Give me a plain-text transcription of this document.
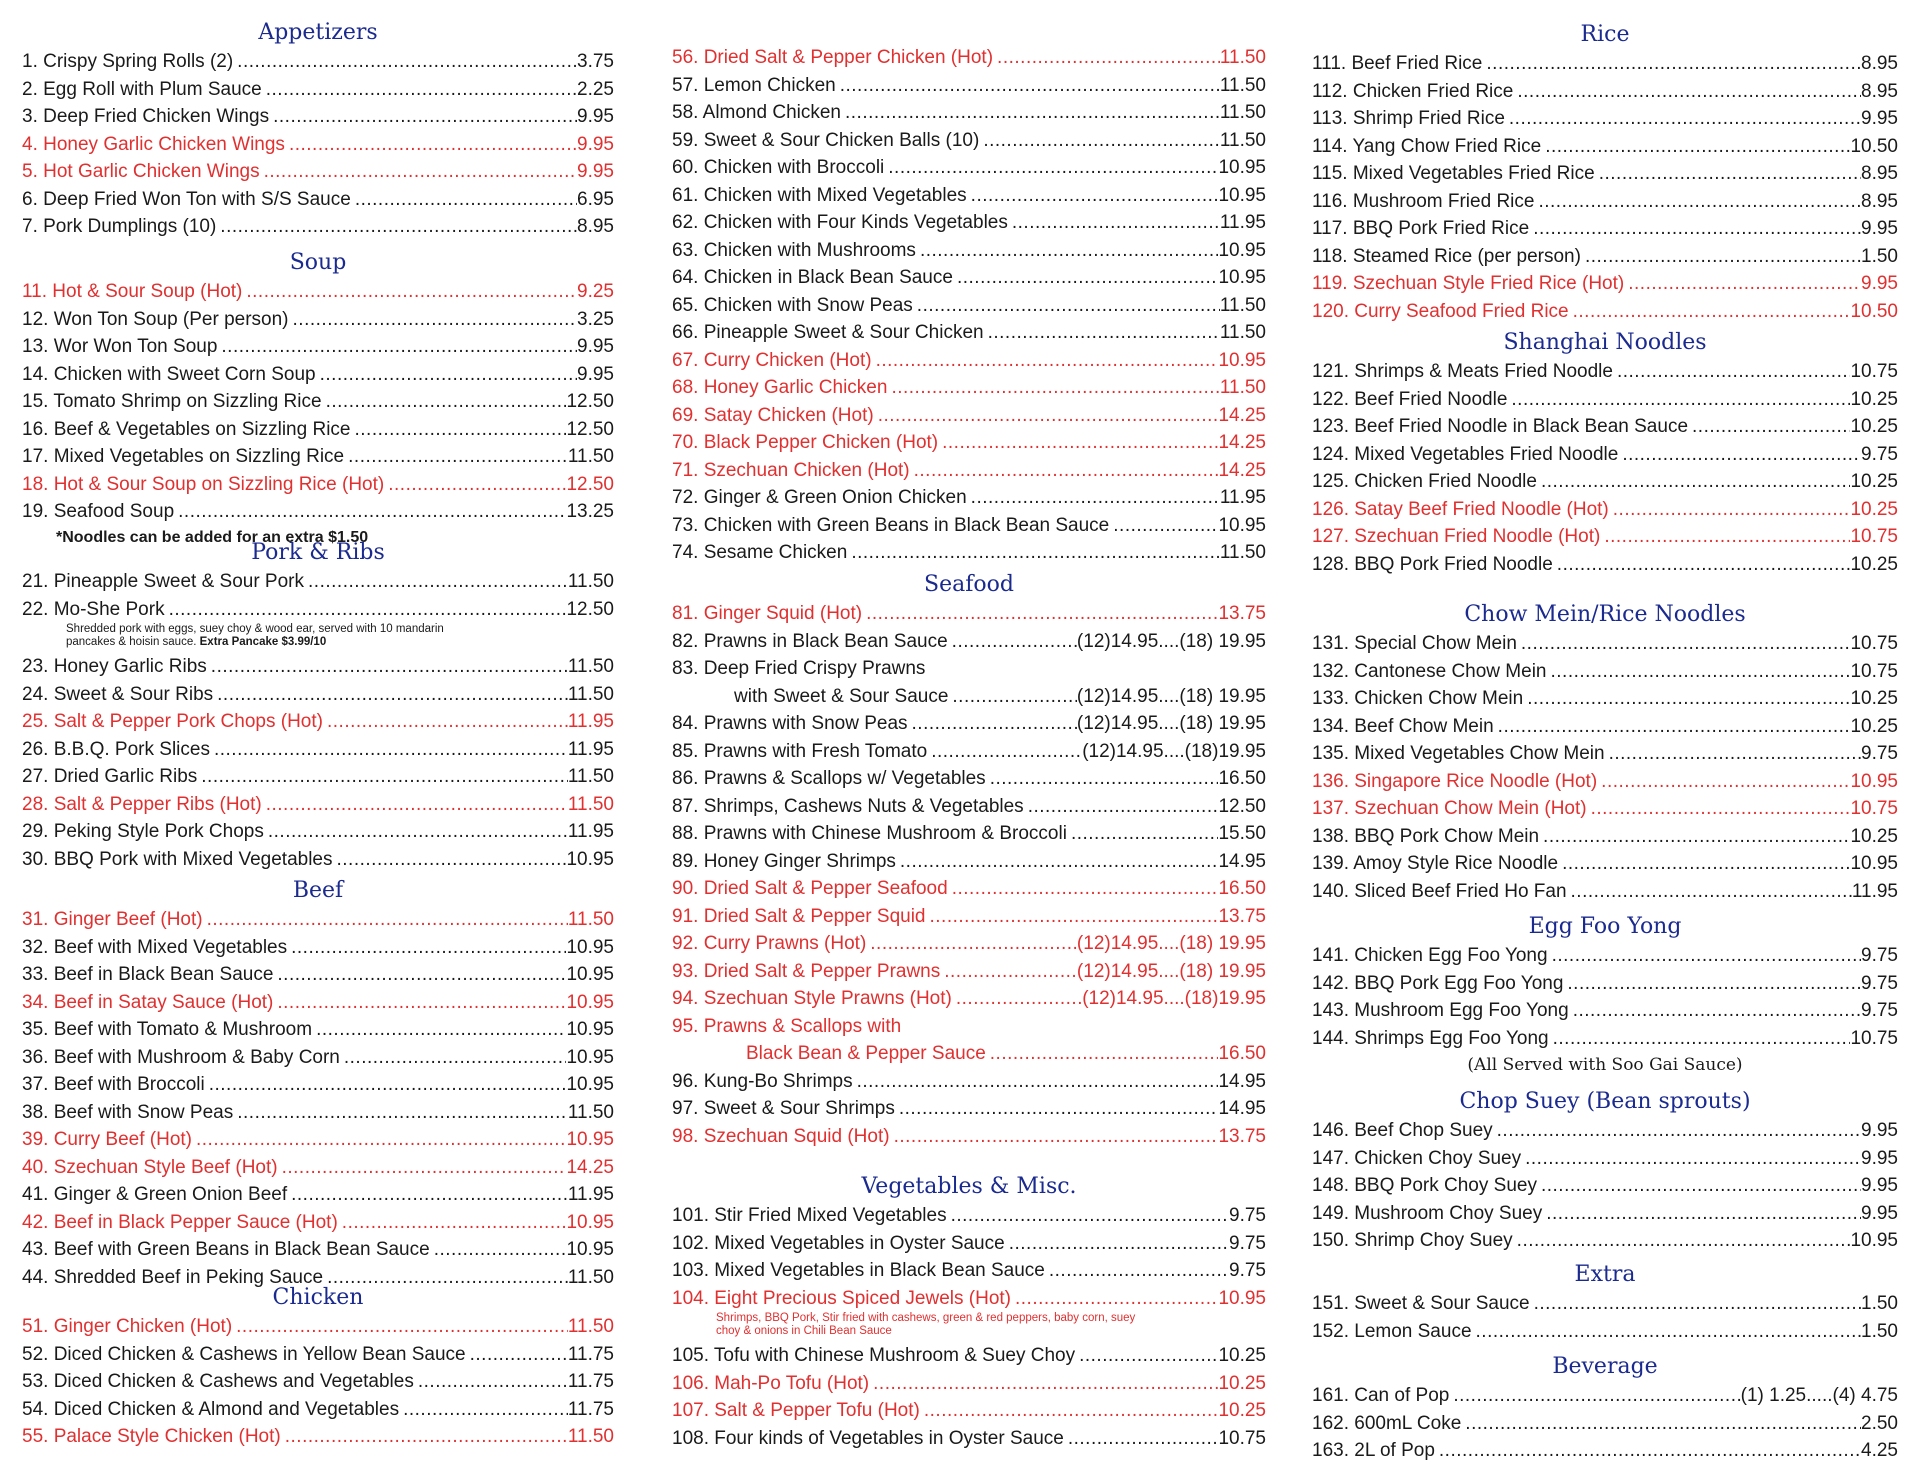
Appetizers
1. Crispy Spring Rolls (2) .....	3.75
2. Egg Roll with Plum Sauce .....	2.25
3. Deep Fried Chicken Wings .....	9.95
4. Honey Garlic Chicken Wings .....	9.95
5. Hot Garlic Chicken Wings .....	9.95
6. Deep Fried Won Ton with S/S Sauce .....	6.95
7. Pork Dumplings (10) .....	8.95
Soup
11. Hot & Sour Soup (Hot) .....	9.25
12. Won Ton Soup (Per person) .....	3.25
13. Wor Won Ton Soup .....	9.95
14. Chicken with Sweet Corn Soup .....	9.95
15. Tomato Shrimp on Sizzling Rice .....	12.50
16. Beef & Vegetables on Sizzling Rice .....	12.50
17. Mixed Vegetables on Sizzling Rice .....	11.50
18. Hot & Sour Soup on Sizzling Rice (Hot) .....	12.50
19. Seafood Soup .....	13.25
*Noodles can be added for an extra $1.50
Pork & Ribs
21. Pineapple Sweet & Sour Pork .....	11.50
22. Mo-She Pork .....	12.50
Shredded pork with eggs, suey choy & wood ear, served with 10 mandarin
pancakes & hoisin sauce. Extra Pancake $3.99/10
23. Honey Garlic Ribs .....	11.50
24. Sweet & Sour Ribs .....	11.50
25. Salt & Pepper Pork Chops (Hot) .....	11.95
26. B.B.Q. Pork Slices .....	11.95
27. Dried Garlic Ribs .....	11.50
28. Salt & Pepper Ribs (Hot) .....	11.50
29. Peking Style Pork Chops .....	11.95
30. BBQ Pork with Mixed Vegetables .....	10.95
Beef
31. Ginger Beef (Hot) .....	11.50
32. Beef with Mixed Vegetables .....	10.95
33. Beef in Black Bean Sauce .....	10.95
34. Beef in Satay Sauce (Hot) .....	10.95
35. Beef with Tomato & Mushroom .....	10.95
36. Beef with Mushroom & Baby Corn .....	10.95
37. Beef with Broccoli .....	10.95
38. Beef with Snow Peas .....	11.50
39. Curry Beef (Hot) .....	10.95
40. Szechuan Style Beef (Hot) .....	14.25
41. Ginger & Green Onion Beef .....	11.95
42. Beef in Black Pepper Sauce (Hot) .....	10.95
43. Beef with Green Beans in Black Bean Sauce .....	10.95
44. Shredded Beef in Peking Sauce .....	11.50
Chicken
51. Ginger Chicken (Hot) .....	11.50
52. Diced Chicken & Cashews in Yellow Bean Sauce .....	11.75
53. Diced Chicken & Cashews and Vegetables .....	11.75
54. Diced Chicken & Almond and Vegetables .....	11.75
55. Palace Style Chicken (Hot) .....	11.50
56. Dried Salt & Pepper Chicken (Hot) .....	11.50
57. Lemon Chicken .....	11.50
58. Almond Chicken .....	11.50
59. Sweet & Sour Chicken Balls (10) .....	11.50
60. Chicken with Broccoli .....	10.95
61. Chicken with Mixed Vegetables .....	10.95
62. Chicken with Four Kinds Vegetables .....	11.95
63. Chicken with Mushrooms .....	10.95
64. Chicken in Black Bean Sauce .....	10.95
65. Chicken with Snow Peas .....	11.50
66. Pineapple Sweet & Sour Chicken .....	11.50
67. Curry Chicken (Hot) .....	10.95
68. Honey Garlic Chicken .....	11.50
69. Satay Chicken (Hot) .....	14.25
70. Black Pepper Chicken (Hot) .....	14.25
71. Szechuan Chicken (Hot) .....	14.25
72. Ginger & Green Onion Chicken .....	11.95
73. Chicken with Green Beans in Black Bean Sauce .....	10.95
74. Sesame Chicken .....	11.50
Seafood
81. Ginger Squid (Hot) .....	13.75
82. Prawns in Black Bean Sauce .....	(12)14.95....(18) 19.95
83. Deep Fried Crispy Prawns
with Sweet & Sour Sauce .....	(12)14.95....(18) 19.95
84. Prawns with Snow Peas .....	(12)14.95....(18) 19.95
85. Prawns with Fresh Tomato .....	(12)14.95....(18)19.95
86. Prawns & Scallops w/ Vegetables .....	16.50
87. Shrimps, Cashews Nuts & Vegetables .....	12.50
88. Prawns with Chinese Mushroom & Broccoli .....	15.50
89. Honey Ginger Shrimps .....	14.95
90. Dried Salt & Pepper Seafood .....	16.50
91. Dried Salt & Pepper Squid .....	13.75
92. Curry Prawns (Hot) .....	(12)14.95....(18) 19.95
93. Dried Salt & Pepper Prawns .....	(12)14.95....(18) 19.95
94. Szechuan Style Prawns (Hot) .....	(12)14.95....(18)19.95
95. Prawns & Scallops with
Black Bean & Pepper Sauce .....	16.50
96. Kung-Bo Shrimps .....	14.95
97. Sweet & Sour Shrimps .....	14.95
98. Szechuan Squid (Hot) .....	13.75
Vegetables & Misc.
101. Stir Fried Mixed Vegetables .....	9.75
102. Mixed Vegetables in Oyster Sauce .....	9.75
103. Mixed Vegetables in Black Bean Sauce .....	9.75
104. Eight Precious Spiced Jewels (Hot) .....	10.95
Shrimps, BBQ Pork, Stir fried with cashews, green & red peppers, baby corn, suey
choy & onions in Chili Bean Sauce
105. Tofu with Chinese Mushroom & Suey Choy .....	10.25
106. Mah-Po Tofu (Hot) .....	10.25
107. Salt & Pepper Tofu (Hot) .....	10.25
108. Four kinds of Vegetables in Oyster Sauce .....	10.75
Rice
111. Beef Fried Rice .....	8.95
112. Chicken Fried Rice .....	8.95
113. Shrimp Fried Rice .....	9.95
114. Yang Chow Fried Rice .....	10.50
115. Mixed Vegetables Fried Rice .....	8.95
116. Mushroom Fried Rice .....	8.95
117. BBQ Pork Fried Rice .....	9.95
118. Steamed Rice (per person) .....	1.50
119. Szechuan Style Fried Rice (Hot) .....	9.95
120. Curry Seafood Fried Rice .....	10.50
Shanghai Noodles
121. Shrimps & Meats Fried Noodle .....	10.75
122. Beef Fried Noodle .....	10.25
123. Beef Fried Noodle in Black Bean Sauce .....	10.25
124. Mixed Vegetables Fried Noodle .....	9.75
125. Chicken Fried Noodle .....	10.25
126. Satay Beef Fried Noodle (Hot) .....	10.25
127. Szechuan Fried Noodle (Hot) .....	10.75
128. BBQ Pork Fried Noodle .....	10.25
Chow Mein/Rice Noodles
131. Special Chow Mein .....	10.75
132. Cantonese Chow Mein .....	10.75
133. Chicken Chow Mein .....	10.25
134. Beef Chow Mein .....	10.25
135. Mixed Vegetables Chow Mein .....	9.75
136. Singapore Rice Noodle (Hot) .....	10.95
137. Szechuan Chow Mein (Hot) .....	10.75
138. BBQ Pork Chow Mein .....	10.25
139. Amoy Style Rice Noodle .....	10.95
140. Sliced Beef Fried Ho Fan .....	11.95
Egg Foo Yong
141. Chicken Egg Foo Yong .....	9.75
142. BBQ Pork Egg Foo Yong .....	9.75
143. Mushroom Egg Foo Yong .....	9.75
144. Shrimps Egg Foo Yong .....	10.75
(All Served with Soo Gai Sauce)
Chop Suey (Bean sprouts)
146. Beef Chop Suey .....	9.95
147. Chicken Choy Suey .....	9.95
148. BBQ Pork Choy Suey .....	9.95
149. Mushroom Choy Suey .....	9.95
150. Shrimp Choy Suey .....	10.95
Extra
151. Sweet & Sour Sauce .....	1.50
152. Lemon Sauce .....	1.50
Beverage
161. Can of Pop .....	(1) 1.25.....(4) 4.75
162. 600mL Coke .....	2.50
163. 2L of Pop .....	4.25
